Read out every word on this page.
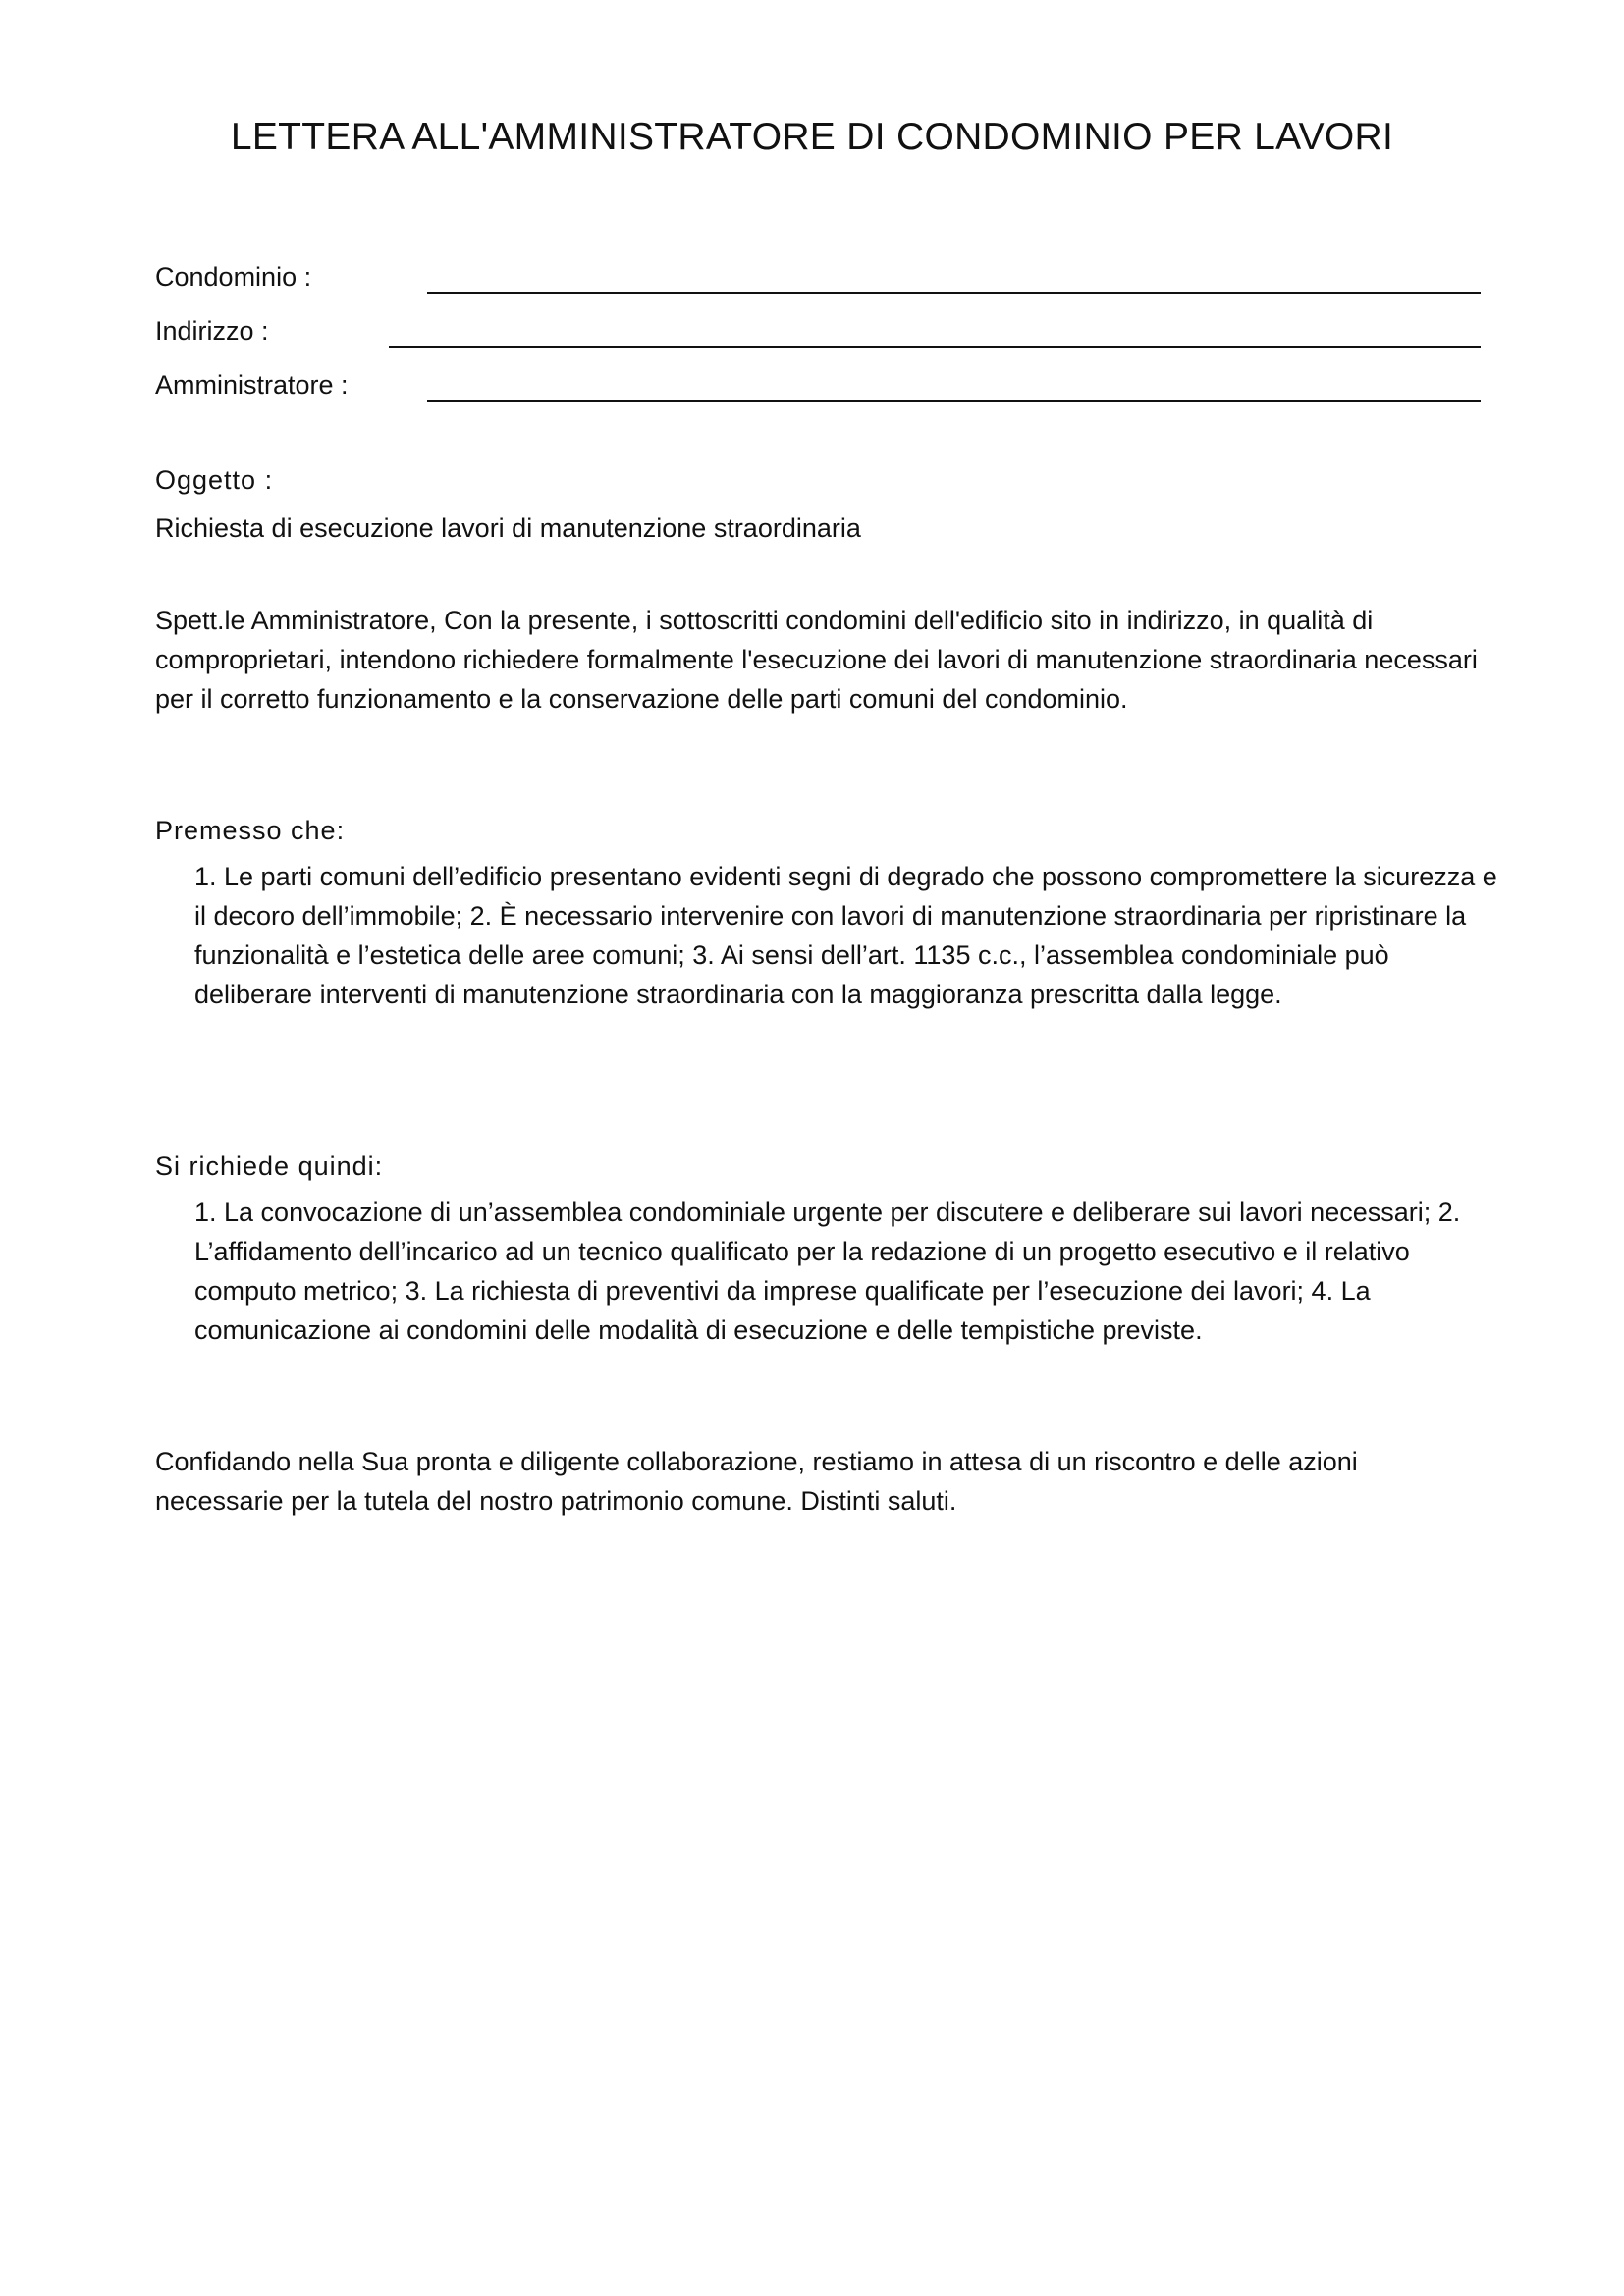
LETTERA ALL'AMMINISTRATORE DI CONDOMINIO PER LAVORI
Condominio :
Indirizzo :
Amministratore :
Oggetto :

Richiesta di esecuzione lavori di manutenzione straordinaria

Spett.le Amministratore, Con la presente, i sottoscritti condomini dell'edificio sito in indirizzo, in qualità di comproprietari, intendono richiedere formalmente l'esecuzione dei lavori di manutenzione straordinaria necessari per il corretto funzionamento e la conservazione delle parti comuni del condominio.

Premesso che:

1. Le parti comuni dell’edificio presentano evidenti segni di degrado che possono compromettere la sicurezza e il decoro dell’immobile; 2. È necessario intervenire con lavori di manutenzione straordinaria per ripristinare la funzionalità e l’estetica delle aree comuni; 3. Ai sensi dell’art. 1135 c.c., l’assemblea condominiale può deliberare interventi di manutenzione straordinaria con la maggioranza prescritta dalla legge.

Si richiede quindi:

1. La convocazione di un’assemblea condominiale urgente per discutere e deliberare sui lavori necessari; 2. L’affidamento dell’incarico ad un tecnico qualificato per la redazione di un progetto esecutivo e il relativo computo metrico; 3. La richiesta di preventivi da imprese qualificate per l’esecuzione dei lavori; 4. La comunicazione ai condomini delle modalità di esecuzione e delle tempistiche previste.

Confidando nella Sua pronta e diligente collaborazione, restiamo in attesa di un riscontro e delle azioni necessarie per la tutela del nostro patrimonio comune. Distinti saluti.
